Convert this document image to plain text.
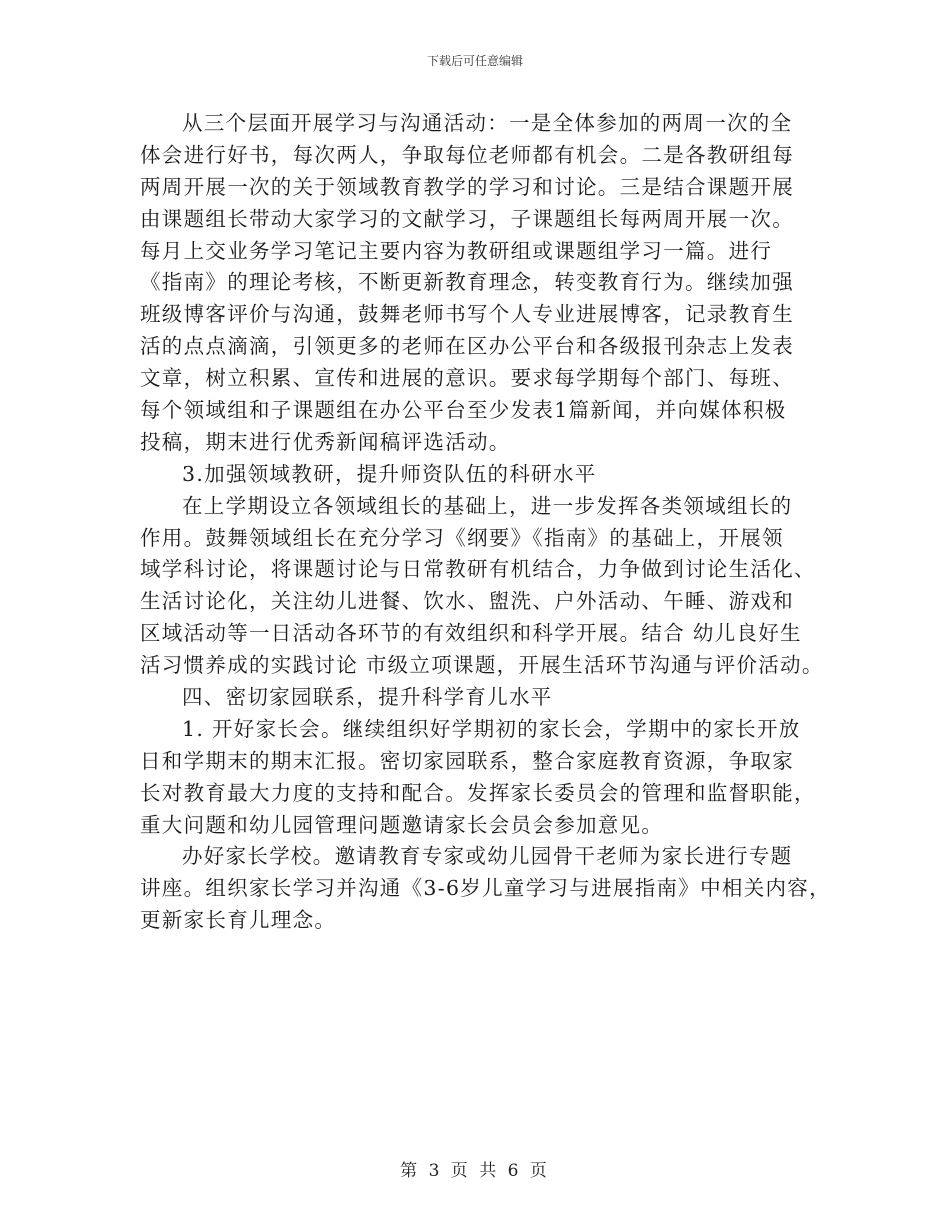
下载后可任意编辑
从三个层面开展学习与沟通活动：一是全体参加的两周一次的全
体会进行好书，每次两人，争取每位老师都有机会。二是各教研组每
两周开展一次的关于领域教育教学的学习和讨论。三是结合课题开展
由课题组长带动大家学习的文献学习，子课题组长每两周开展一次。
每月上交业务学习笔记主要内容为教研组或课题组学习一篇。进行
《指南》的理论考核，不断更新教育理念，转变教育行为。继续加强
班级博客评价与沟通，鼓舞老师书写个人专业进展博客，记录教育生
活的点点滴滴，引领更多的老师在区办公平台和各级报刊杂志上发表
文章，树立积累、宣传和进展的意识。要求每学期每个部门、每班、
每个领域组和子课题组在办公平台至少发表1篇新闻，并向媒体积极
投稿，期末进行优秀新闻稿评选活动。
3.加强领域教研，提升师资队伍的科研水平
在上学期设立各领域组长的基础上，进一步发挥各类领域组长的
作用。鼓舞领域组长在充分学习《纲要》《指南》的基础上，开展领
域学科讨论，将课题讨论与日常教研有机结合，力争做到讨论生活化、
生活讨论化，关注幼儿进餐、饮水、盥洗、户外活动、午睡、游戏和
区域活动等一日活动各环节的有效组织和科学开展。结合 幼儿良好生
活习惯养成的实践讨论 市级立项课题，开展生活环节沟通与评价活动。
四、密切家园联系，提升科学育儿水平
1. 开好家长会。继续组织好学期初的家长会，学期中的家长开放
日和学期末的期末汇报。密切家园联系，整合家庭教育资源，争取家
长对教育最大力度的支持和配合。发挥家长委员会的管理和监督职能，
重大问题和幼儿园管理问题邀请家长会员会参加意见。
办好家长学校。邀请教育专家或幼儿园骨干老师为家长进行专题
讲座。组织家长学习并沟通《3-6岁儿童学习与进展指南》中相关内容，
更新家长育儿理念。
第 3 页 共 6 页
